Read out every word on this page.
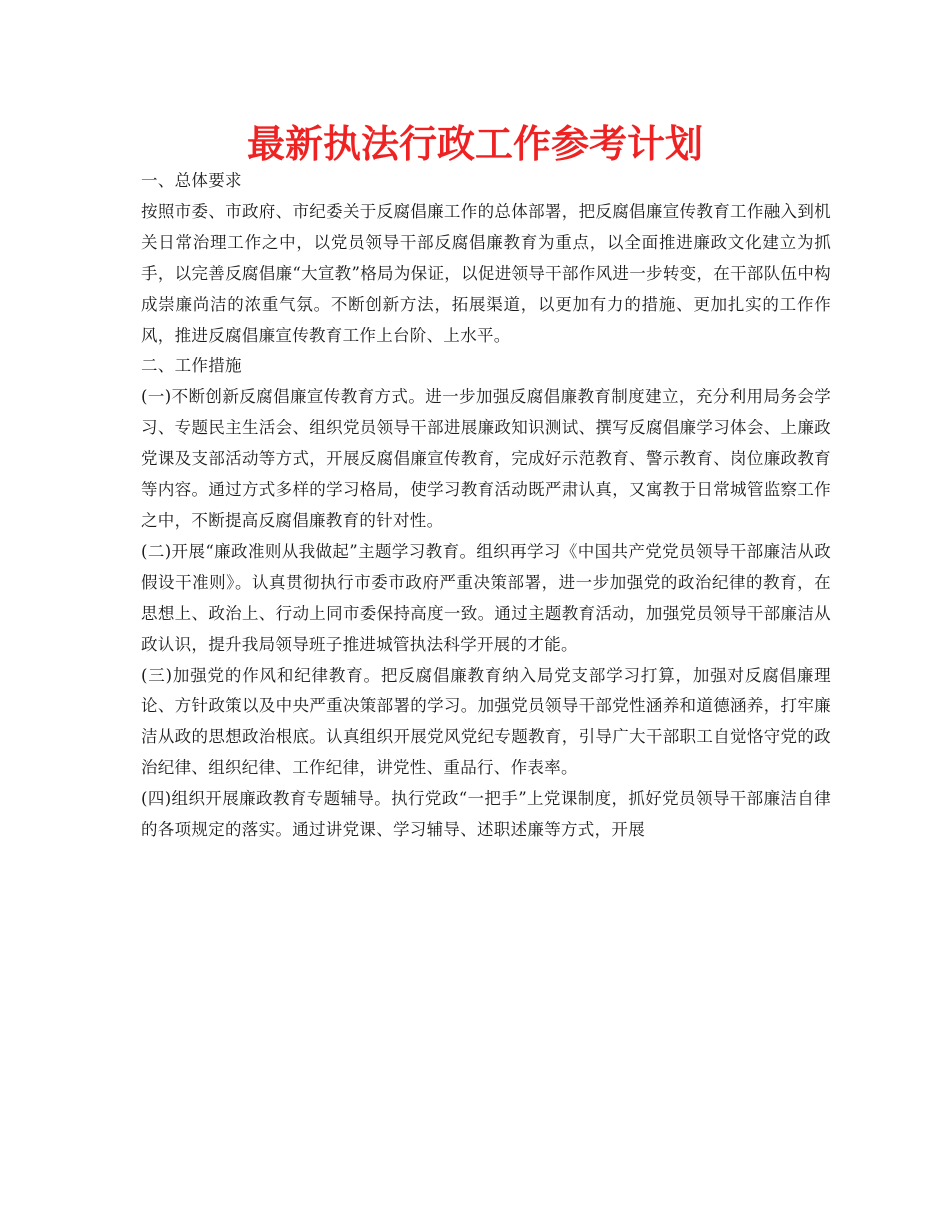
最新执法行政工作参考计划

一、总体要求

按照市委、市政府、市纪委关于反腐倡廉工作的总体部署，把反腐倡廉宣传教育工作融入到机关日常治理工作之中，以党员领导干部反腐倡廉教育为重点，以全面推进廉政文化建立为抓手，以完善反腐倡廉“大宣教”格局为保证，以促进领导干部作风进一步转变，在干部队伍中构成崇廉尚洁的浓重气氛。不断创新方法，拓展渠道，以更加有力的措施、更加扎实的工作作风，推进反腐倡廉宣传教育工作上台阶、上水平。

二、工作措施

(一)不断创新反腐倡廉宣传教育方式。进一步加强反腐倡廉教育制度建立，充分利用局务会学习、专题民主生活会、组织党员领导干部进展廉政知识测试、撰写反腐倡廉学习体会、上廉政党课及支部活动等方式，开展反腐倡廉宣传教育，完成好示范教育、警示教育、岗位廉政教育等内容。通过方式多样的学习格局，使学习教育活动既严肃认真，又寓教于日常城管监察工作之中，不断提高反腐倡廉教育的针对性。

(二)开展“廉政准则从我做起”主题学习教育。组织再学习《中国共产党党员领导干部廉洁从政假设干准则》。认真贯彻执行市委市政府严重决策部署，进一步加强党的政治纪律的教育，在思想上、政治上、行动上同市委保持高度一致。通过主题教育活动，加强党员领导干部廉洁从政认识，提升我局领导班子推进城管执法科学开展的才能。

(三)加强党的作风和纪律教育。把反腐倡廉教育纳入局党支部学习打算，加强对反腐倡廉理论、方针政策以及中央严重决策部署的学习。加强党员领导干部党性涵养和道德涵养，打牢廉洁从政的思想政治根底。认真组织开展党风党纪专题教育，引导广大干部职工自觉恪守党的政治纪律、组织纪律、工作纪律，讲党性、重品行、作表率。

(四)组织开展廉政教育专题辅导。执行党政“一把手”上党课制度，抓好党员领导干部廉洁自律的各项规定的落实。通过讲党课、学习辅导、述职述廉等方式，开展
